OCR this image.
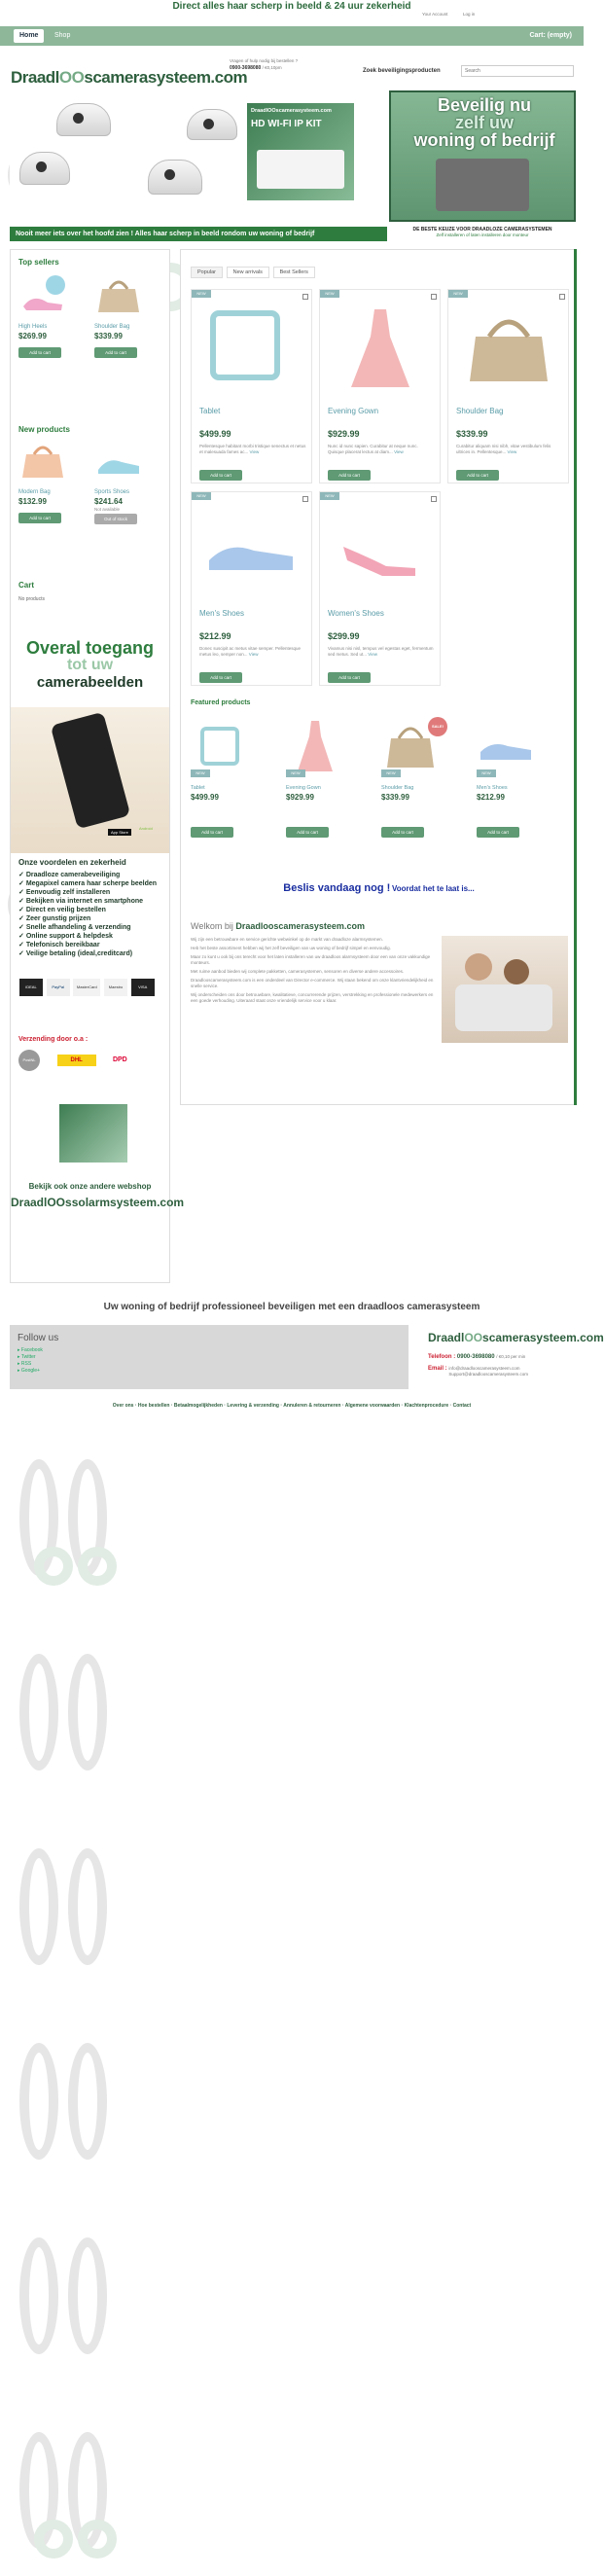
Direct alles haar scherp in beeld & 24 uur zekerheid
Your Account	Log in
Home	Shop	Cart: (empty)
DraadlOOscamerasysteem.com
Vragen of hulp nodig bij bestellen ?
0900-3698080 / €0,10pm
Zoek beveiligingsproducten
Search
DraadlOOscamerasysteem.com
HD WI-FI IP KIT
Beveilig nu
zelf uw
woning of bedrijf
Nooit meer iets over het hoofd zien ! Alles haar scherp in beeld rondom uw woning of bedrijf
DE BESTE KEUZE VOOR DRAADLOZE CAMERASYSTEMEN
Zelf installeren of laten installeren door monteur
Top sellers
High Heels
$269.99
Add to cart
Shoulder Bag
$339.99
Add to cart
New products
Modern Bag
$132.99
Add to cart
Sports Shoes
$241.64
Not available
Out of stock
Cart
No products
Overal toegang
tot uw
camerabeelden
App Store
Android
Onze voordelen en zekerheid
✓ Draadloze camerabeveiliging
✓ Megapixel camera haar scherpe beelden
✓ Eenvoudig zelf installeren
✓ Bekijken via internet en smartphone
✓ Direct en veilig bestellen
✓ Zeer gunstig prijzen
✓ Snelle afhandeling & verzending
✓ Online support & helpdesk
✓ Telefonisch bereikbaar
✓ Veilige betaling (ideal,creditcard)
iDEAL	PayPal	MasterCard	Maestro	VISA
Verzending door o.a :
PostNL	DHL	DPD
Bekijk ook onze andere webshop
DraadlOOssolarmsysteem.com
Popular	New arrivals	Best Sellers
NEW
Tablet
$499.99
Pellentesque habitant morbi tristique senectus et netus et malesuada fames ac... View
Add to cart
NEW
Evening Gown
$929.99
Nunc id nunc sapien. Curabitur at neque nunc. Quisque placerat lectus at diam... View
Add to cart
NEW
Shoulder Bag
$339.99
Curabitur aliquam nisi nibh, vitae vestibulum felis ultrices in. Pellentesque... View
Add to cart
NEW
Men's Shoes
$212.99
Donec suscipit ac metus vitae semper. Pellentesque metus leo, semper non... View
Add to cart
NEW
Women's Shoes
$299.99
Vivamus nisi nisl, tempus vel egestas eget, fermentum sed metus. Sed ut... View
Add to cart
Featured products
NEW
Tablet
$499.99
Add to cart
NEW
Evening Gown
$929.99
Add to cart
NEW
SALE!
Shoulder Bag
$339.99
Add to cart
NEW
Men's Shoes
$212.99
Add to cart
Beslis vandaag nog ! Voordat het te laat is...
Welkom bij Draadlooscamerasysteem.com

Wij zijn een betrouwbare en service gerichte webwinkel op de markt van draadloze alarmsystemen.

Heb het beste assortiment hebben wij het zelf beveiligen van uw woning of bedrijf simpel en eenvoudig.

Maar zo kunt u ook bij ons terecht voor het laten installeren van uw draadloos alarmsysteem door een van onze vakkundige monteurs.

Met ruime aanbod bieden wij complete pakketten, camerasystemen, sensoren en diverse andere accessoires.

Draadlooscamerasysteem.com is een onderdeel van Director e-commerce. Wij staan bekend om onze klantvriendelijkheid en snelle service.

Wij onderscheiden ons door betrouwbare, kwalitatieve, concurrerende prijzen, verstrekking en professionele medewerkers en een goede verhouding. Uiteraard staat onze vriendelijk service voor u klaar.

Uw woning of bedrijf professioneel beveiligen met een draadloos camerasysteem
Follow us
▸ Facebook
▸ Twitter
▸ RSS
▸ Google+
DraadlOOscamerasysteem.com
Telefoon : 0900-3698080 / €0,10 per min
Email : info@draadlooscamerasysteem.com
Support@draadlooscamerasysteem.com
Over ons · Hoe bestellen · Betaalmogelijkheden · Levering & verzending · Annuleren & retourneren · Algemene voorwaarden · Klachtenprocedure · Contact
